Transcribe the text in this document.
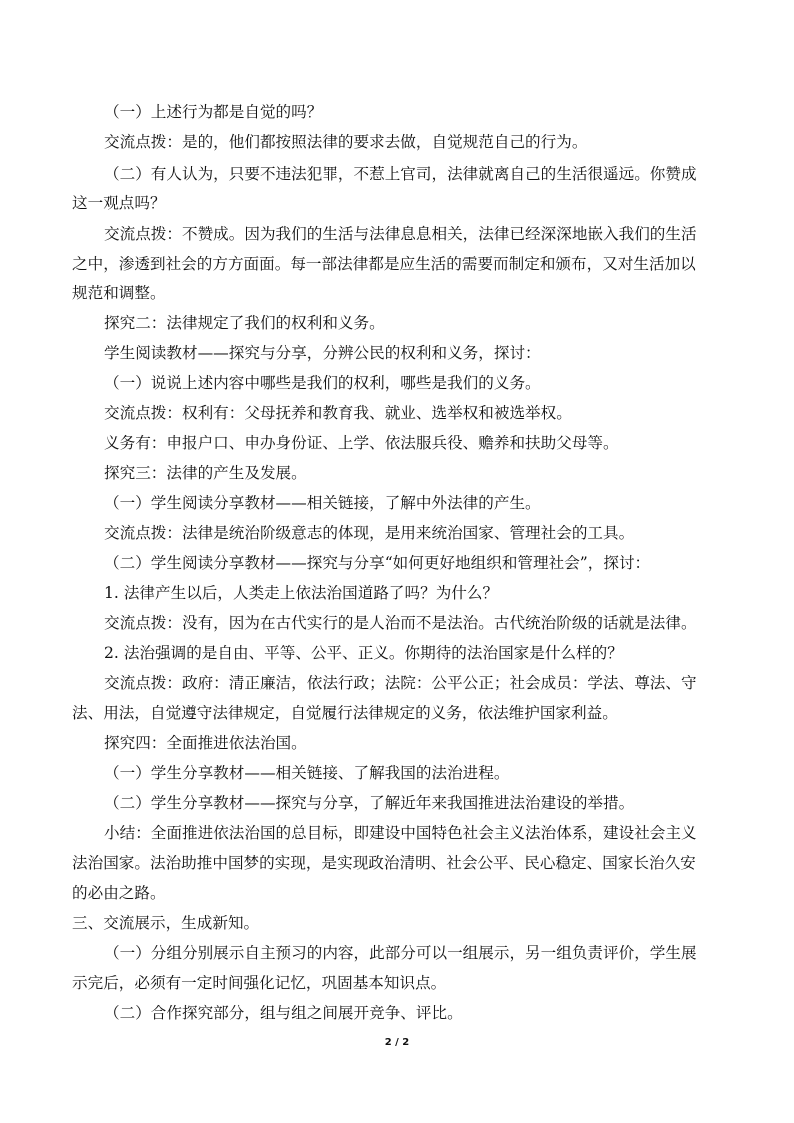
（一）上述行为都是自觉的吗？
交流点拨：是的，他们都按照法律的要求去做，自觉规范自己的行为。
（二）有人认为，只要不违法犯罪，不惹上官司，法律就离自己的生活很遥远。你赞成
这一观点吗？
交流点拨：不赞成。因为我们的生活与法律息息相关，法律已经深深地嵌入我们的生活
之中，渗透到社会的方方面面。每一部法律都是应生活的需要而制定和颁布，又对生活加以
规范和调整。
探究二：法律规定了我们的权利和义务。
学生阅读教材——探究与分享，分辨公民的权利和义务，探讨：
（一）说说上述内容中哪些是我们的权利，哪些是我们的义务。
交流点拨：权利有：父母抚养和教育我、就业、选举权和被选举权。
义务有：申报户口、申办身份证、上学、依法服兵役、赡养和扶助父母等。
探究三：法律的产生及发展。
（一）学生阅读分享教材——相关链接，了解中外法律的产生。
交流点拨：法律是统治阶级意志的体现，是用来统治国家、管理社会的工具。
（二）学生阅读分享教材——探究与分享“如何更好地组织和管理社会”，探讨：
1. 法律产生以后，人类走上依法治国道路了吗？为什么？
交流点拨：没有，因为在古代实行的是人治而不是法治。古代统治阶级的话就是法律。
2. 法治强调的是自由、平等、公平、正义。你期待的法治国家是什么样的？
交流点拨：政府：清正廉洁，依法行政；法院：公平公正；社会成员：学法、尊法、守
法、用法，自觉遵守法律规定，自觉履行法律规定的义务，依法维护国家利益。
探究四：全面推进依法治国。
（一）学生分享教材——相关链接、了解我国的法治进程。
（二）学生分享教材——探究与分享，了解近年来我国推进法治建设的举措。
小结：全面推进依法治国的总目标，即建设中国特色社会主义法治体系，建设社会主义
法治国家。法治助推中国梦的实现，是实现政治清明、社会公平、民心稳定、国家长治久安
的必由之路。
三、交流展示，生成新知。
（一）分组分别展示自主预习的内容，此部分可以一组展示，另一组负责评价，学生展
示完后，必须有一定时间强化记忆，巩固基本知识点。
（二）合作探究部分，组与组之间展开竞争、评比。
2 / 2
